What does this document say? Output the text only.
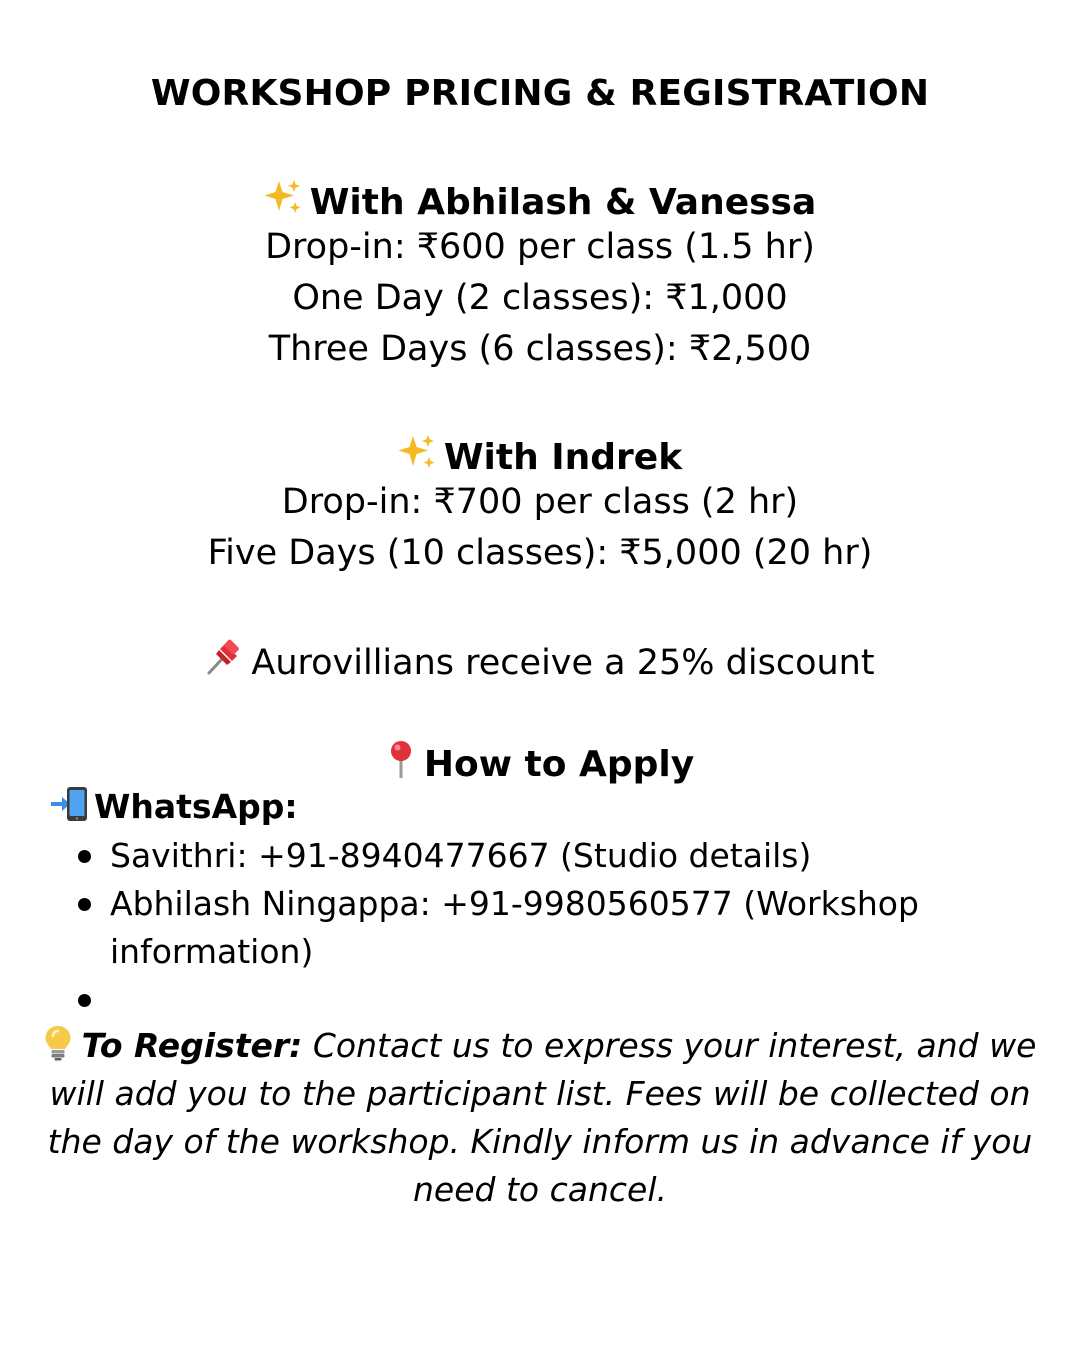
WORKSHOP PRICING & REGISTRATION
With Abhilash & Vanessa
Drop-in: ₹600 per class (1.5 hr)
One Day (2 classes): ₹1,000
Three Days (6 classes): ₹2,500
With Indrek
Drop-in: ₹700 per class (2 hr)
Five Days (10 classes): ₹5,000 (20 hr)
Aurovillians receive a 25% discount
How to Apply
WhatsApp:
Savithri: +91-8940477667 (Studio details)
Abhilash Ningappa: +91-9980560577 (Workshop information)

To Register: Contact us to express your interest, and we will add you to the participant list. Fees will be collected on the day of the workshop. Kindly inform us in advance if you need to cancel.
